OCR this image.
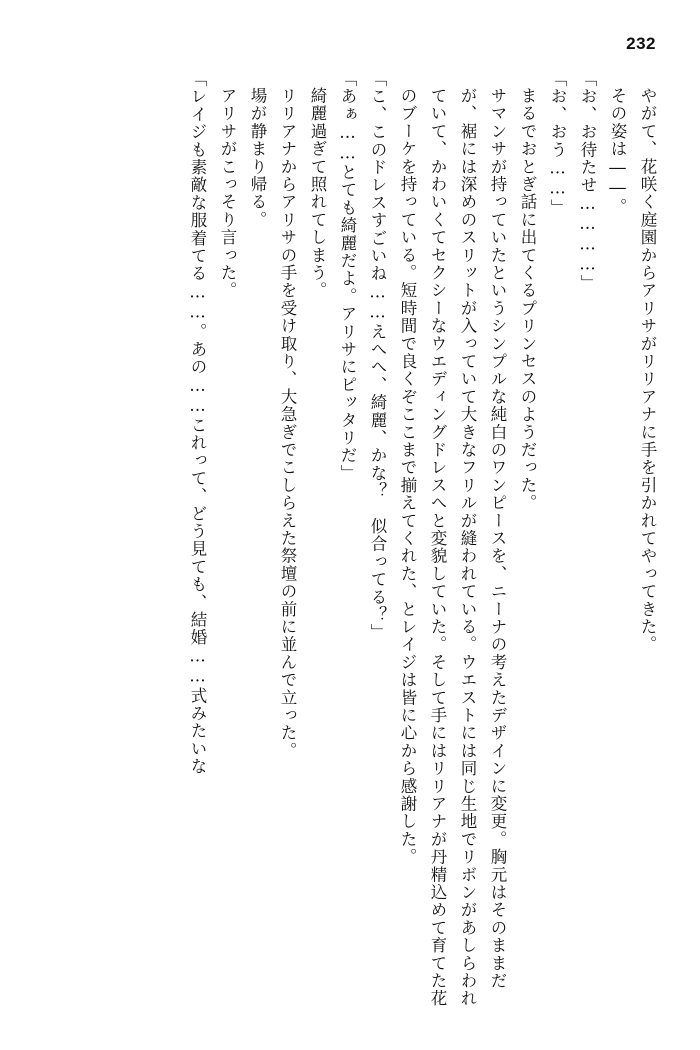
232
やがて、花咲く庭園からアリサがリリアナに手を引かれてやってきた。
その姿は――。
「お、お待たせ…………」
「お、おう……」
まるでおとぎ話に出てくるプリンセスのようだった。
サマンサが持っていたというシンプルな純白のワンピースを、ニーナの考えたデザインに変更。胸元はそのままだが、裾には深めのスリットが入っていて大きなフリルが縫われている。ウエストには同じ生地でリボンがあしらわれていて、かわいくてセクシーなウエディングドレスへと変貌していた。そして手にはリリアナが丹精込めて育てた花のブーケを持っている。短時間で良くぞここまで揃えてくれた、とレイジは皆に心から感謝した。
「こ、このドレスすごいね……えへへ、綺麗、かな？　似合ってる？」
「あぁ……とても綺麗だよ。アリサにピッタリだ」
綺麗過ぎて照れてしまう。
リリアナからアリサの手を受け取り、大急ぎでこしらえた祭壇の前に並んで立った。
場が静まり帰る。
アリサがこっそり言った。
「レイジも素敵な服着てる……。あの……これって、どう見ても、結婚……式みたいな
